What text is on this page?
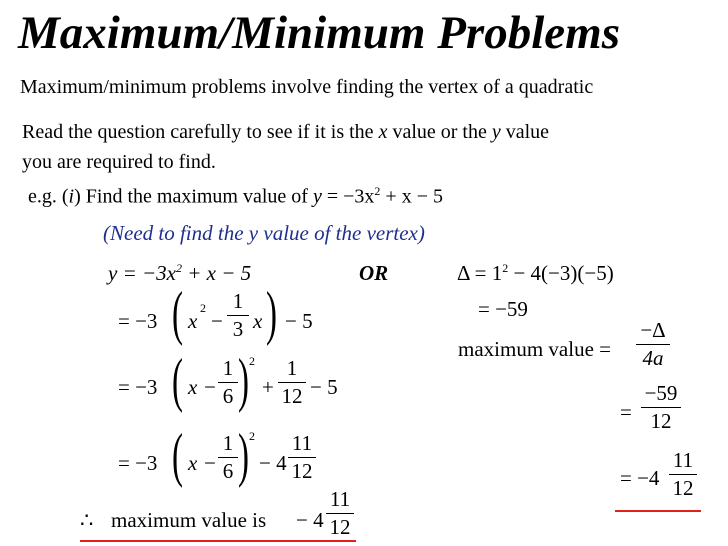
Maximum/Minimum Problems
Maximum/minimum problems involve finding the vertex of a quadratic
Read the question carefully to see if it is the x value or the y value
you are required to find.
e.g. (i) Find the maximum value of $y = -3x^2 + x - 5$
(Need to find the y value of the vertex)
$y = -3x^2 + x - 5$	OR	$\Delta = 1^2 - 4(-3)(-5)$
= −3 ( x
2
−
1
3 x ) − 5	= −59
maximum value =
−Δ
4a
= −3 ( x −
1
6 ) 2
+
1
12 − 5
=
−59
12
= −3 ( x −
1
6 ) 2
− 4
11
12	= −4
11
12
∴ maximum value is − 4
11
12
